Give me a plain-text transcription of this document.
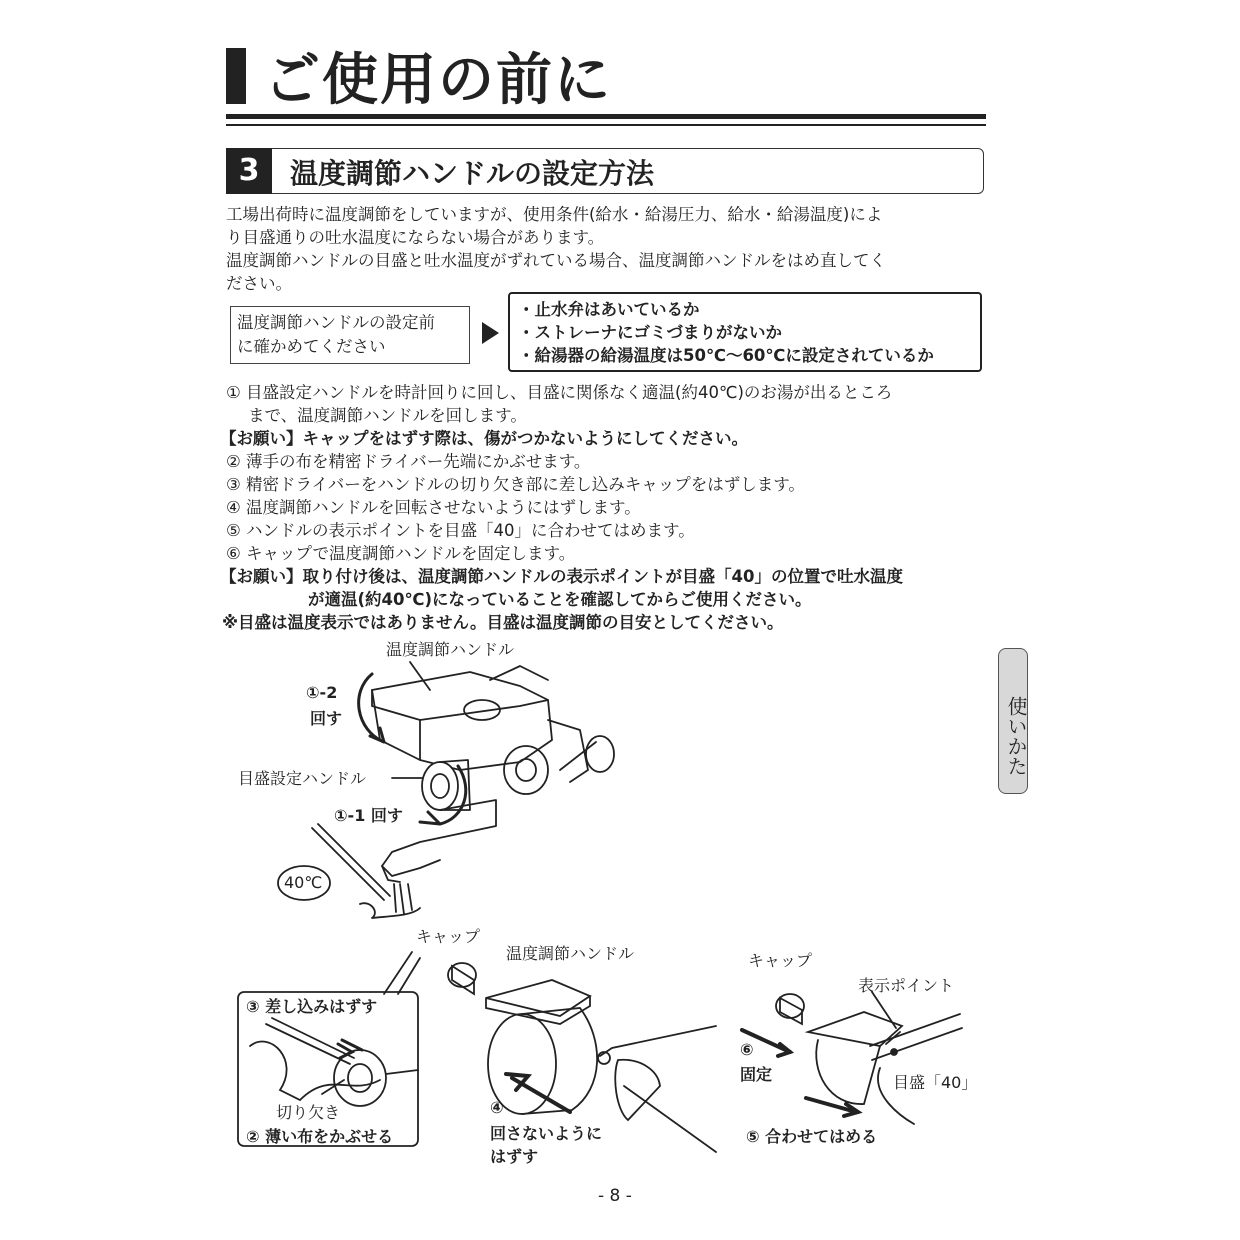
ご使用の前に
3	温度調節ハンドルの設定方法
工場出荷時に温度調節をしていますが、使用条件(給水・給湯圧力、給水・給湯温度)によ
り目盛通りの吐水温度にならない場合があります。
温度調節ハンドルの目盛と吐水温度がずれている場合、温度調節ハンドルをはめ直してく
ださい。
温度調節ハンドルの設定前
に確かめてください
・止水弁はあいているか
・ストレーナにゴミづまりがないか
・給湯器の給湯温度は50℃〜60℃に設定されているか
① 目盛設定ハンドルを時計回りに回し、目盛に関係なく適温(約40℃)のお湯が出るところ
まで、温度調節ハンドルを回します。
【お願い】キャップをはずす際は、傷がつかないようにしてください。
② 薄手の布を精密ドライバー先端にかぶせます。
③ 精密ドライバーをハンドルの切り欠き部に差し込みキャップをはずします。
④ 温度調節ハンドルを回転させないようにはずします。
⑤ ハンドルの表示ポイントを目盛「40」に合わせてはめます。
⑥ キャップで温度調節ハンドルを固定します。
【お願い】取り付け後は、温度調節ハンドルの表示ポイントが目盛「40」の位置で吐水温度
が適温(約40℃)になっていることを確認してからご使用ください。
※目盛は温度表示ではありません。目盛は温度調節の目安としてください。
使いかた
温度調節ハンドル
①-2
回す
目盛設定ハンドル
①-1 回す
40℃
キャップ
温度調節ハンドル
③ 差し込みはずす
切り欠き
② 薄い布をかぶせる
④
回さないように
はずす
キャップ
表示ポイント
⑥
固定	目盛「40」
⑤ 合わせてはめる
- 8 -
